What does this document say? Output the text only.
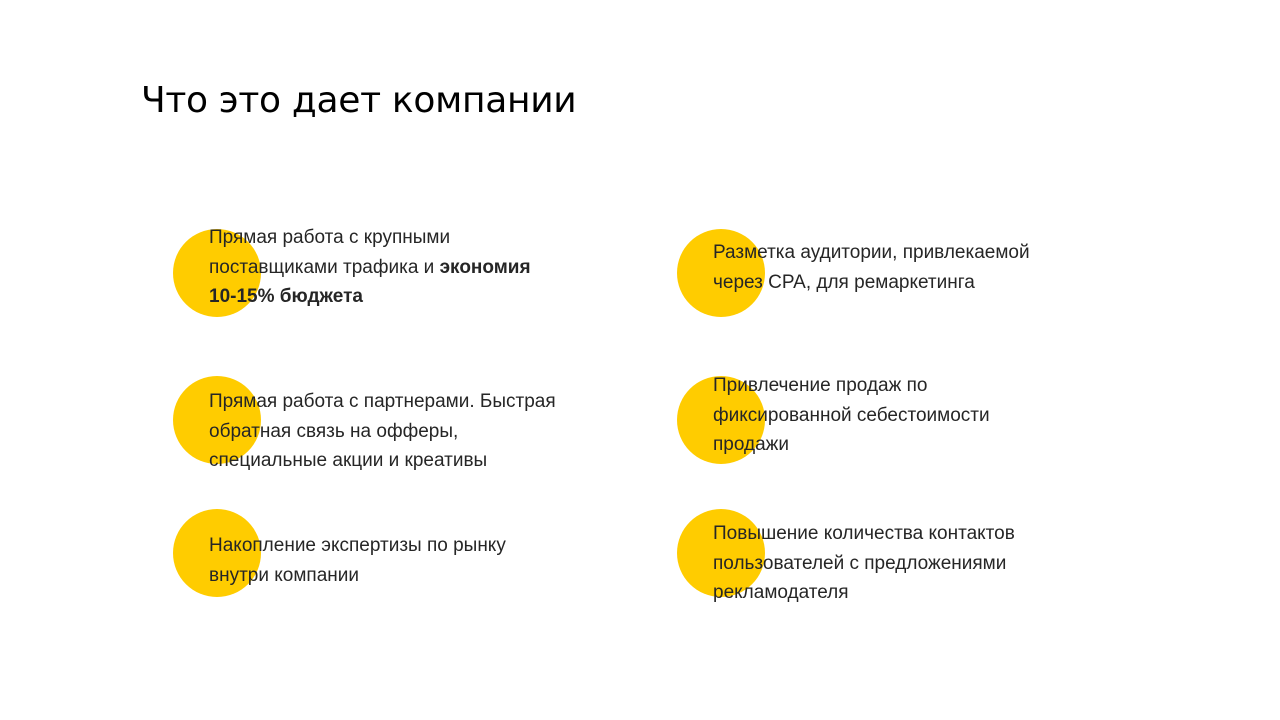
Что это дает компании
Прямая работа с крупными
поставщиками трафика и экономия
10-15% бюджета
Разметка аудитории, привлекаемой
через CPA, для ремаркетинга
Прямая работа с партнерами. Быстрая
обратная связь на офферы,
специальные акции и креативы
Привлечение продаж по
фиксированной себестоимости
продажи
Накопление экспертизы по рынку
внутри компании
Повышение количества контактов
пользователей с предложениями
рекламодателя
